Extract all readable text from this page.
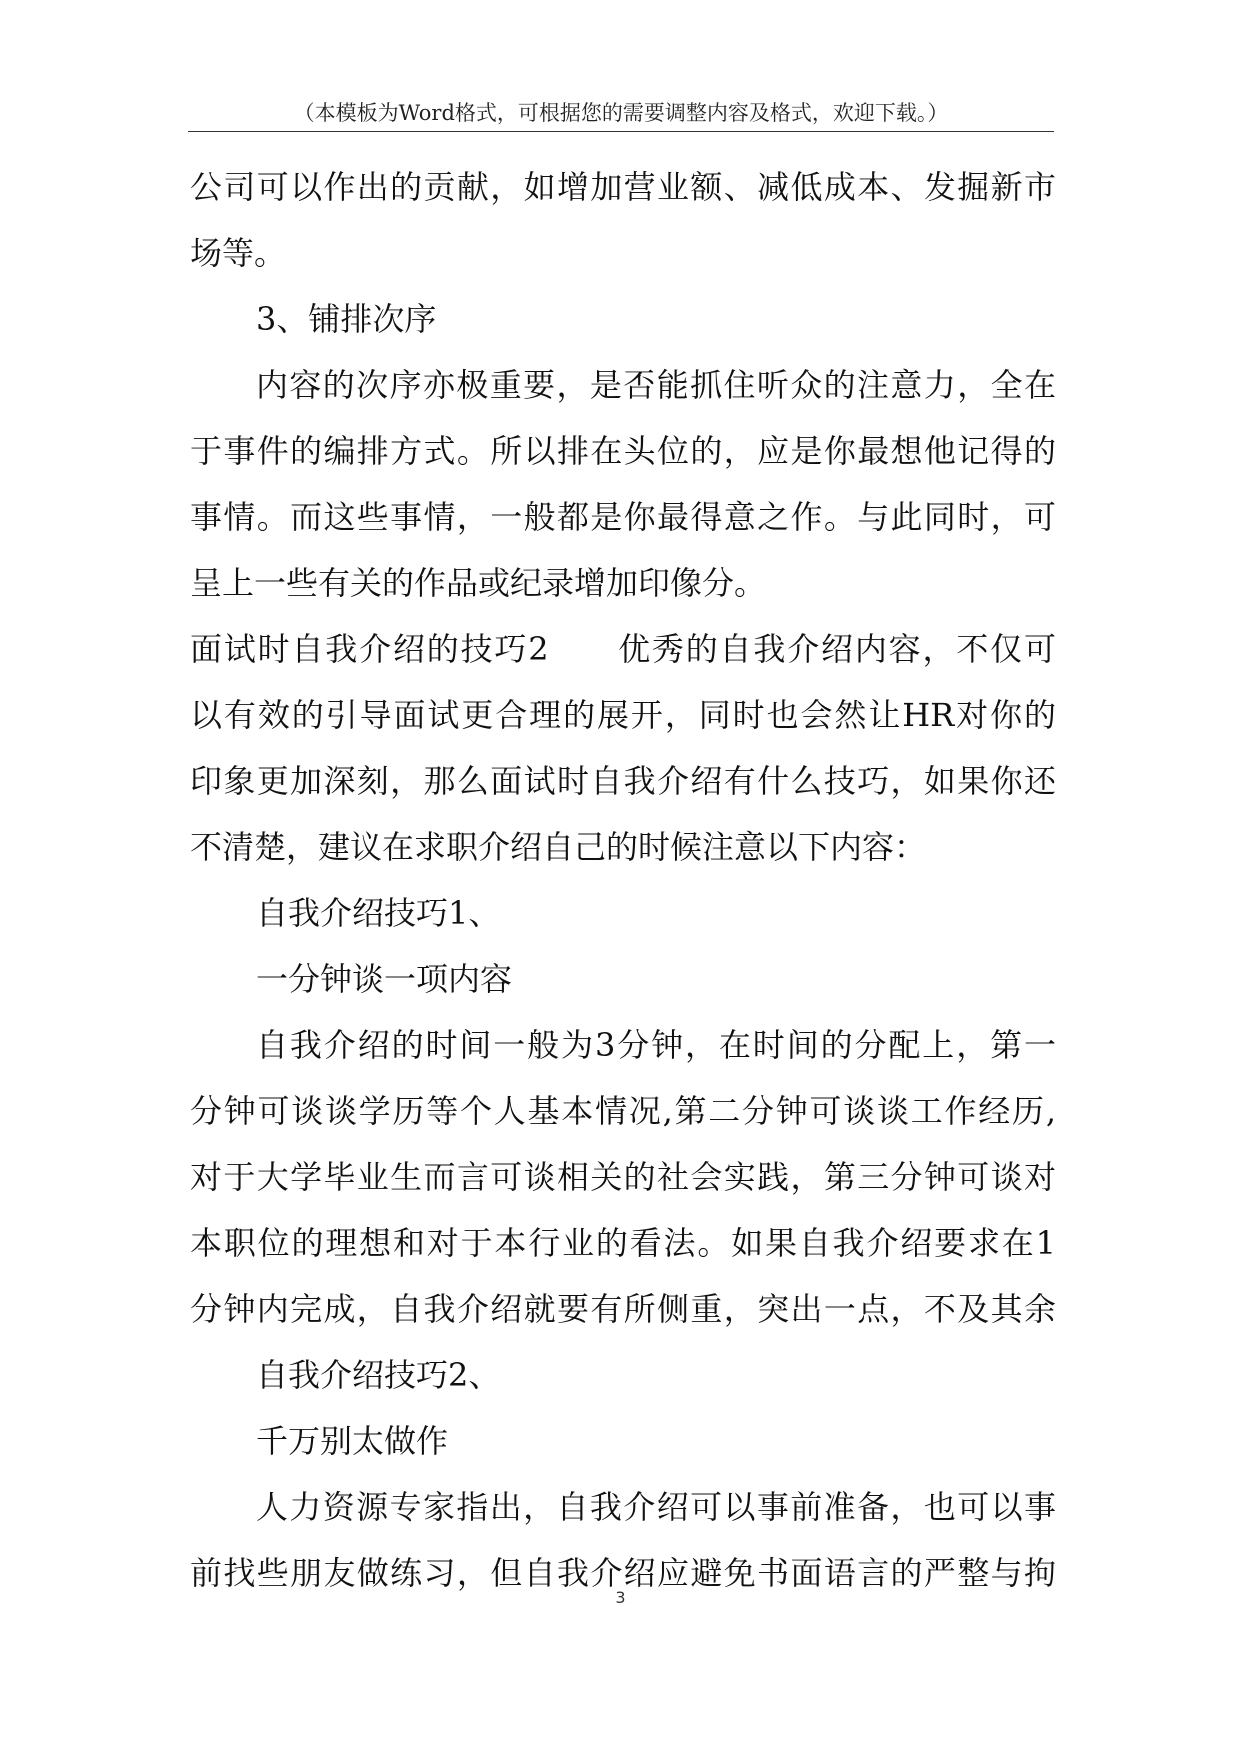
（本模板为Word格式，可根据您的需要调整内容及格式，欢迎下载。）
公司可以作出的贡献，如增加营业额、减低成本、发掘新市
场等。
3、铺排次序
内容的次序亦极重要，是否能抓住听众的注意力，全在
于事件的编排方式。所以排在头位的，应是你最想他记得的
事情。而这些事情，一般都是你最得意之作。与此同时，可
呈上一些有关的作品或纪录增加印像分。
面试时自我介绍的技巧2　　优秀的自我介绍内容，不仅可
以有效的引导面试更合理的展开，同时也会然让HR对你的
印象更加深刻，那么面试时自我介绍有什么技巧，如果你还
不清楚，建议在求职介绍自己的时候注意以下内容：
自我介绍技巧1、
一分钟谈一项内容
自我介绍的时间一般为3分钟，在时间的分配上，第一
分钟可谈谈学历等个人基本情况,第二分钟可谈谈工作经历,
对于大学毕业生而言可谈相关的社会实践，第三分钟可谈对
本职位的理想和对于本行业的看法。如果自我介绍要求在1
分钟内完成，自我介绍就要有所侧重，突出一点，不及其余
自我介绍技巧2、
千万别太做作
人力资源专家指出，自我介绍可以事前准备，也可以事
前找些朋友做练习，但自我介绍应避免书面语言的严整与拘
3
